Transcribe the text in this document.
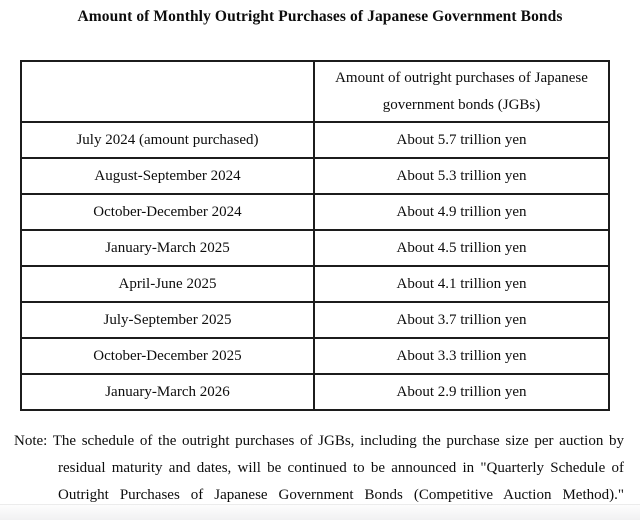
Amount of Monthly Outright Purchases of Japanese Government Bonds
	Amount of outright purchases of Japanese government bonds (JGBs)
July 2024 (amount purchased)	About 5.7 trillion yen
August-September 2024	About 5.3 trillion yen
October-December 2024	About 4.9 trillion yen
January-March 2025	About 4.5 trillion yen
April-June 2025	About 4.1 trillion yen
July-September 2025	About 3.7 trillion yen
October-December 2025	About 3.3 trillion yen
January-March 2026	About 2.9 trillion yen
Note: The schedule of the outright purchases of JGBs, including the purchase size per auction by residual maturity and dates, will be continued to be announced in "Quarterly Schedule of Outright Purchases of Japanese Government Bonds (Competitive Auction Method)."
